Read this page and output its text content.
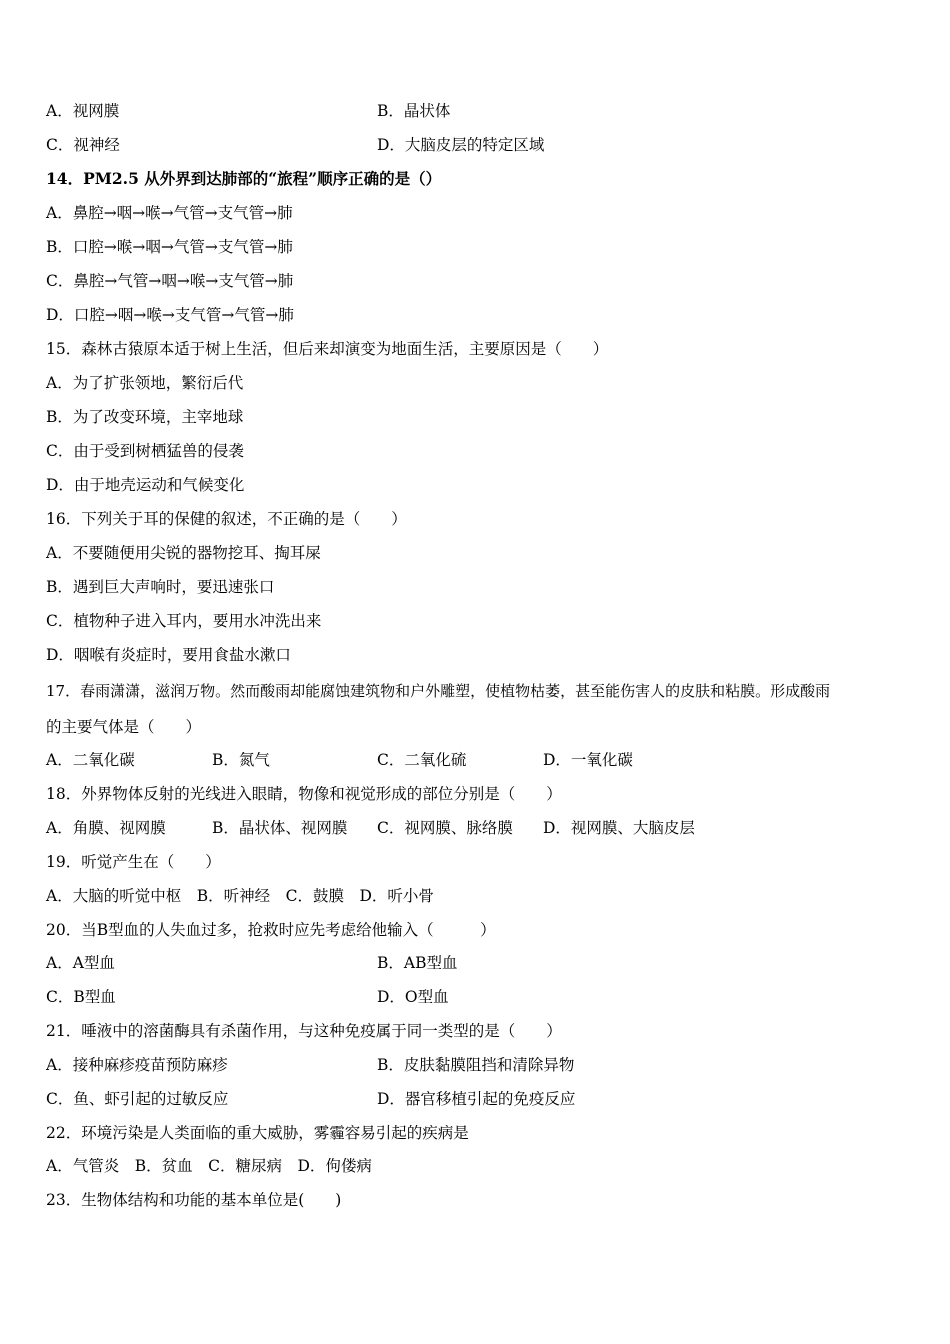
A．视网膜	B．晶状体
C．视神经	D．大脑皮层的特定区域
14．PM2.5 从外界到达肺部的“旅程”顺序正确的是（）
A．鼻腔→咽→喉→气管→支气管→肺
B．口腔→喉→咽→气管→支气管→肺
C．鼻腔→气管→咽→喉→支气管→肺
D．口腔→咽→喉→支气管→气管→肺
15．森林古猿原本适于树上生活，但后来却演变为地面生活，主要原因是（　　）
A．为了扩张领地，繁衍后代
B．为了改变环境，主宰地球
C．由于受到树栖猛兽的侵袭
D．由于地壳运动和气候变化
16．下列关于耳的保健的叙述，不正确的是（　　）
A．不要随便用尖锐的器物挖耳、掏耳屎
B．遇到巨大声响时，要迅速张口
C．植物种子进入耳内，要用水冲洗出来
D．咽喉有炎症时，要用食盐水漱口
17．春雨潇潇，滋润万物。然而酸雨却能腐蚀建筑物和户外雕塑，使植物枯萎，甚至能伤害人的皮肤和粘膜。形成酸雨
的主要气体是（　　）
A．二氧化碳	B．氮气	C．二氧化硫	D．一氧化碳
18．外界物体反射的光线进入眼睛，物像和视觉形成的部位分别是（　　）
A．角膜、视网膜	B．晶状体、视网膜 C．视网膜、脉络膜 D．视网膜、大脑皮层
19．听觉产生在（　　）
A．大脑的听觉中枢　B．听神经　C．鼓膜　D．听小骨
20．当B型血的人失血过多，抢救时应先考虑给他输入（　　　）
A．A型血	B．AB型血
C．B型血	D．O型血
21．唾液中的溶菌酶具有杀菌作用，与这种免疫属于同一类型的是（　　）
A．接种麻疹疫苗预防麻疹	B．皮肤黏膜阻挡和清除异物
C．鱼、虾引起的过敏反应	D．器官移植引起的免疫反应
22．环境污染是人类面临的重大威胁，雾霾容易引起的疾病是
A．气管炎　B．贫血　C．糖尿病　D．佝偻病
23．生物体结构和功能的基本单位是(　　)
